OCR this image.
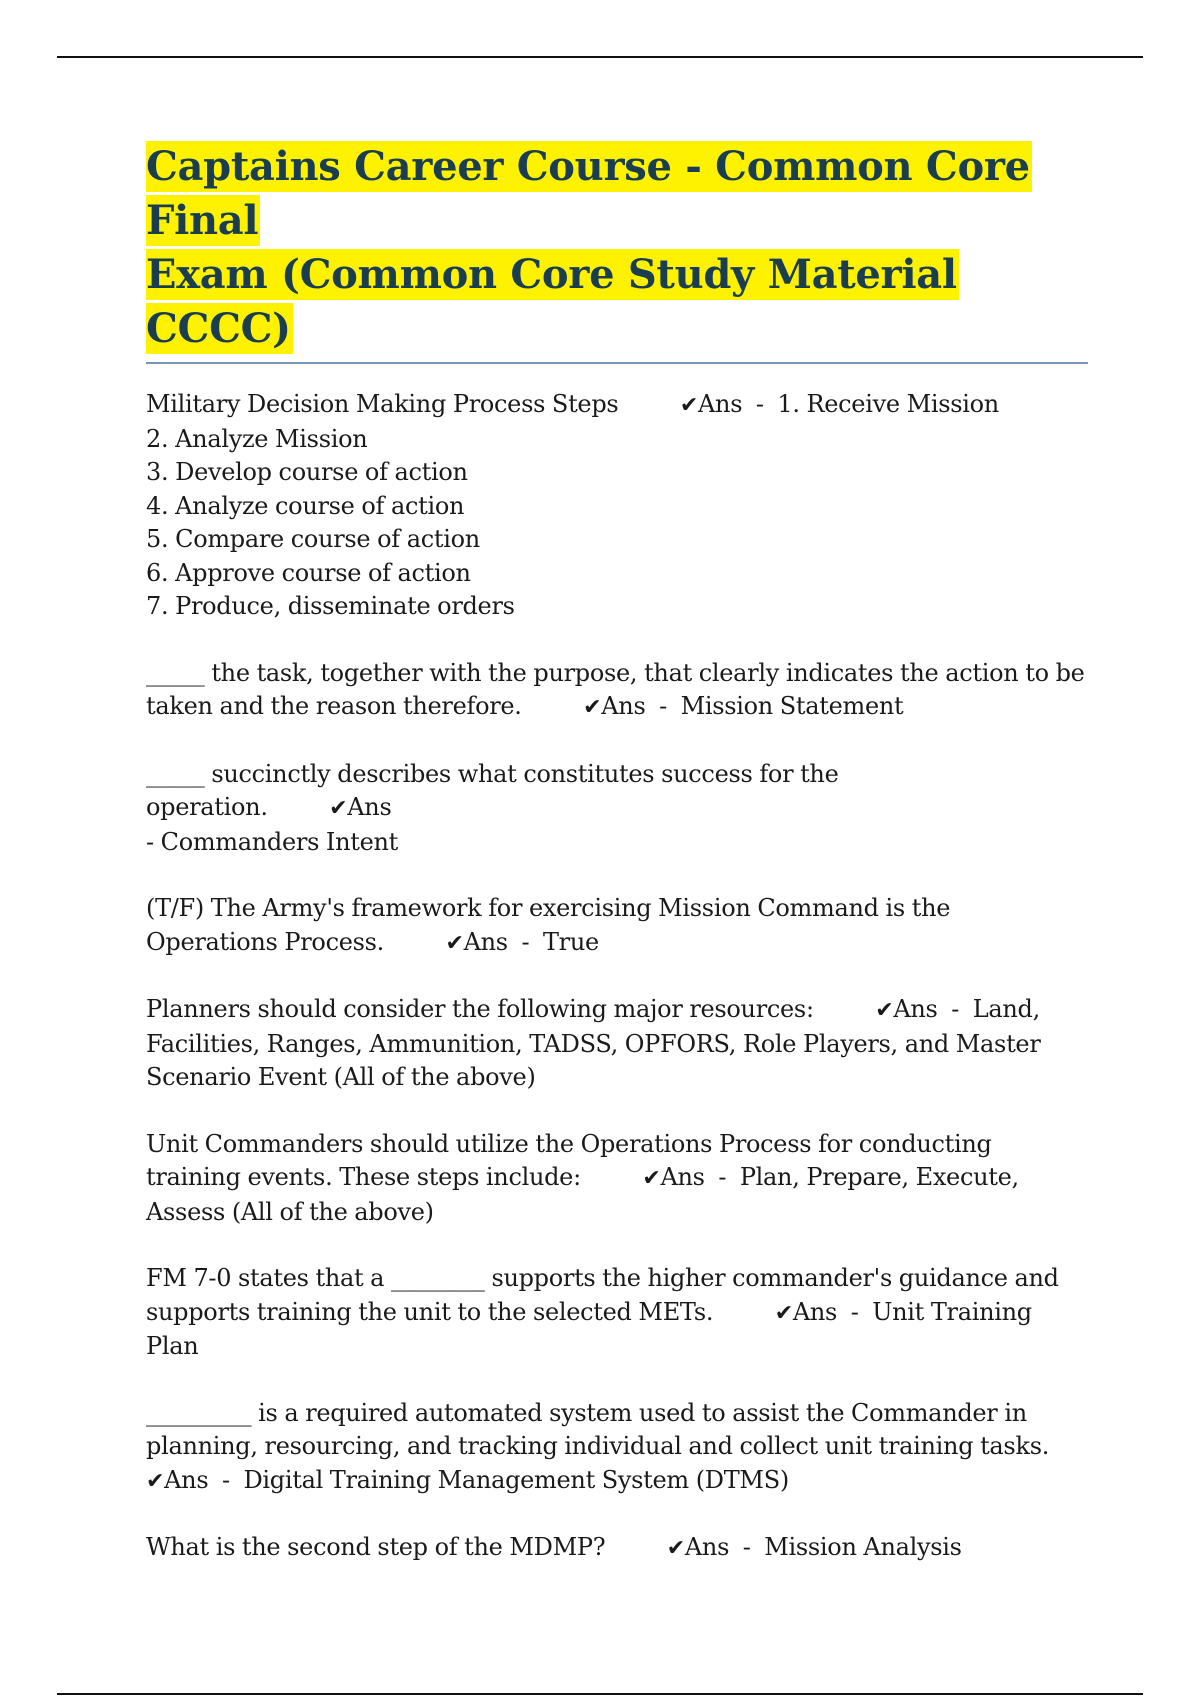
Captains Career Course - Common Core Final
Exam (Common Core Study Material CCCC)
Military Decision Making Process Steps	✔Ans  -  1. Receive Mission
2. Analyze Mission
3. Develop course of action
4. Analyze course of action
5. Compare course of action
6. Approve course of action
7. Produce, disseminate orders
_____ the task, together with the purpose, that clearly indicates the action to be
taken and the reason therefore.	✔Ans  -  Mission Statement
_____ succinctly describes what constitutes success for the operation.	✔Ans
- Commanders Intent
(T/F) The Army's framework for exercising Mission Command is the
Operations Process.	✔Ans  -  True
Planners should consider the following major resources:	✔Ans  -  Land,
Facilities, Ranges, Ammunition, TADSS, OPFORS, Role Players, and Master
Scenario Event (All of the above)
Unit Commanders should utilize the Operations Process for conducting
training events. These steps include:	✔Ans  -  Plan, Prepare, Execute,
Assess (All of the above)
FM 7-0 states that a ________ supports the higher commander's guidance and
supports training the unit to the selected METs.	✔Ans  -  Unit Training
Plan
_________ is a required automated system used to assist the Commander in
planning, resourcing, and tracking individual and collect unit training tasks.
✔Ans  -  Digital Training Management System (DTMS)
What is the second step of the MDMP?	✔Ans  -  Mission Analysis
